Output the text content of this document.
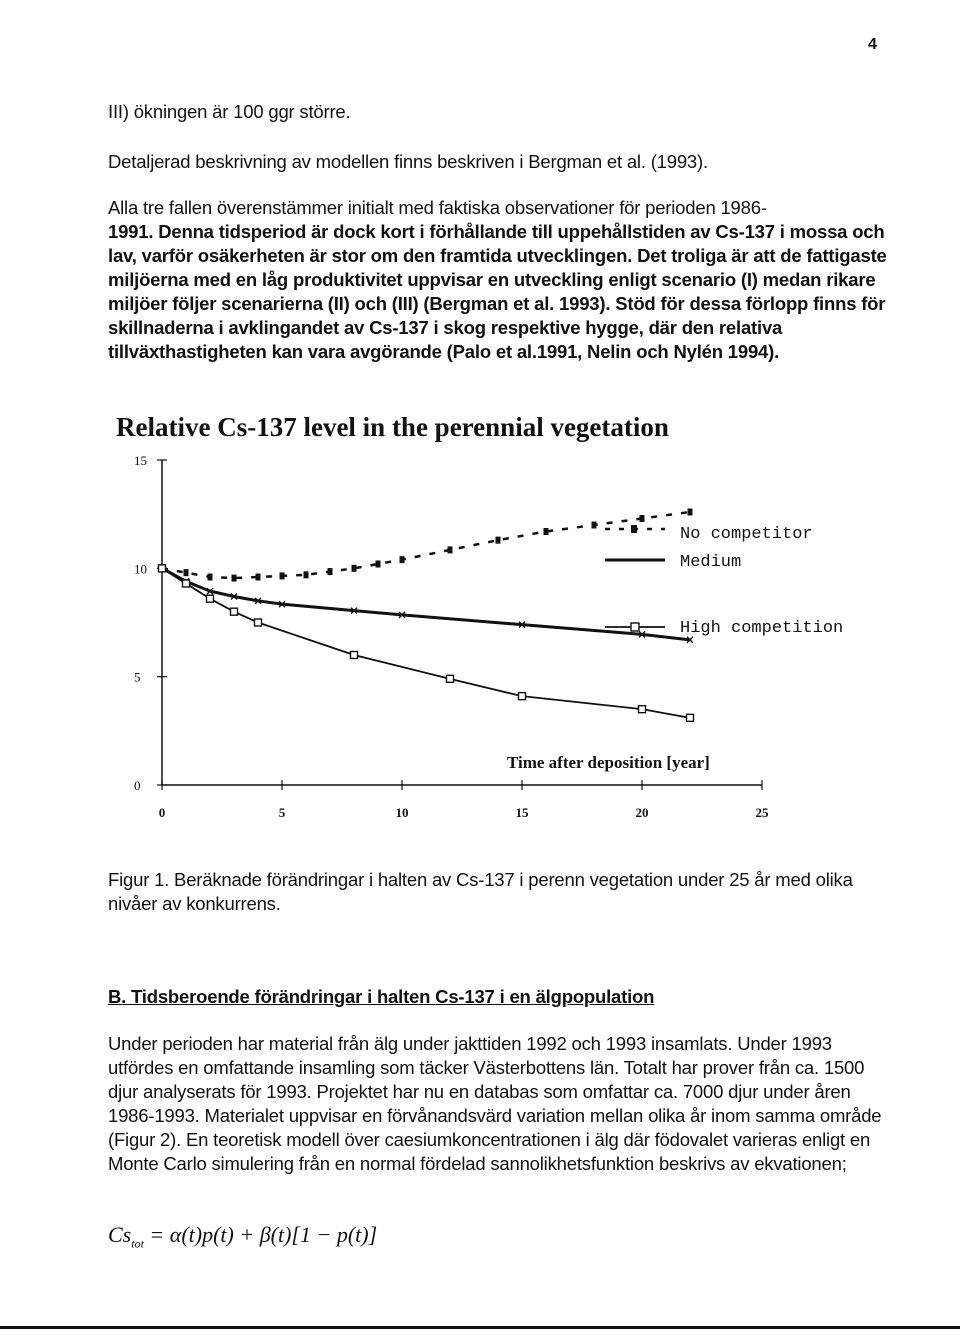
4

III) ökningen är 100 ggr större.

Detaljerad beskrivning av modellen finns beskriven i Bergman et al. (1993).

Alla tre fallen överenstämmer initialt med faktiska observationer för perioden 1986-

1991. Denna tidsperiod är dock kort i förhållande till uppehållstiden av Cs-137 i mossa och lav, varför osäkerheten är stor om den framtida utvecklingen. Det troliga är att de fattigaste miljöerna med en låg produktivitet uppvisar en utveckling enligt scenario (I) medan rikare miljöer följer scenarierna (II) och (III) (Bergman et al. 1993). Stöd för dessa förlopp finns för skillnaderna i avklingandet av Cs-137 i skog respektive hygge, där den relativa tillväxthastigheten kan vara avgörande (Palo et al.1991, Nelin och Nylén 1994).

Relative Cs-137 level in the perennial vegetation
0	5	10	15	20	25
0
5
10
15
Time after deposition [year]
No competitor
Medium
High competition

Figur 1. Beräknade förändringar i halten av Cs-137 i perenn vegetation under 25 år med olika nivåer av konkurrens.

B. Tidsberoende förändringar i halten Cs-137 i en älgpopulation

Under perioden har material från älg under jakttiden 1992 och 1993 insamlats. Under 1993 utfördes en omfattande insamling som täcker Västerbottens län. Totalt har prover från ca. 1500 djur analyserats för 1993. Projektet har nu en databas som omfattar ca. 7000 djur under åren 1986-1993. Materialet uppvisar en förvånandsvärd variation mellan olika år inom samma område (Figur 2). En teoretisk modell över caesiumkoncentrationen i älg där födovalet varieras enligt en Monte Carlo simulering från en normal fördelad sannolikhetsfunktion beskrivs av ekvationen;

$Cs_{tot} = \alpha(t)p(t) + \beta(t)[1 - p(t)]$
